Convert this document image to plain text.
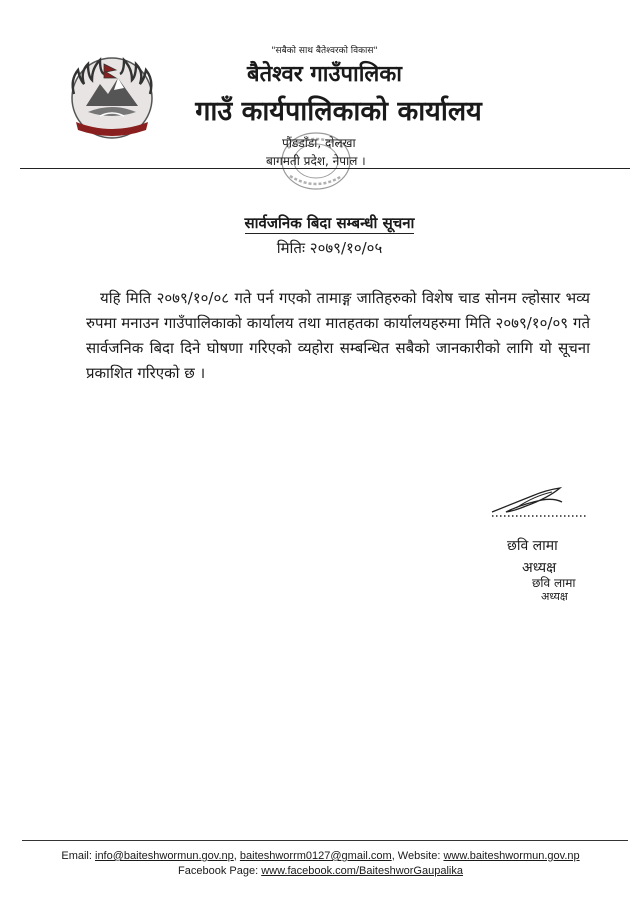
"सबैको साथ बैतेश्वरको विकास"
बैतेश्वर गाउँपालिका
गाउँ कार्यपालिकाको कार्यालय
पौंडडाँडा, दोलखा
बागमती प्रदेश, नेपाल ।
सार्वजनिक बिदा सम्बन्धी सूचना
मितिः २०७९/१०/०५
यहि मिति २०७९/१०/०८ गते पर्न गएको तामाङ्ग जातिहरुको विशेष चाड सोनम ल्होसार भव्य रुपमा मनाउन गाउँपालिकाको कार्यालय तथा मातहतका कार्यालयहरुमा मिति २०७९/१०/०९ गते सार्वजनिक बिदा दिने घोषणा गरिएको व्यहोरा सम्बन्धित सबैको जानकारीको लागि यो सूचना प्रकाशित गरिएको छ ।
छवि लामा
अध्यक्ष
छवि लामा
अध्यक्ष
Email: info@baiteshwormun.gov.np, baiteshworrm0127@gmail.com, Website: www.baiteshwormun.gov.np
Facebook Page: www.facebook.com/BaiteshworGaupalika
